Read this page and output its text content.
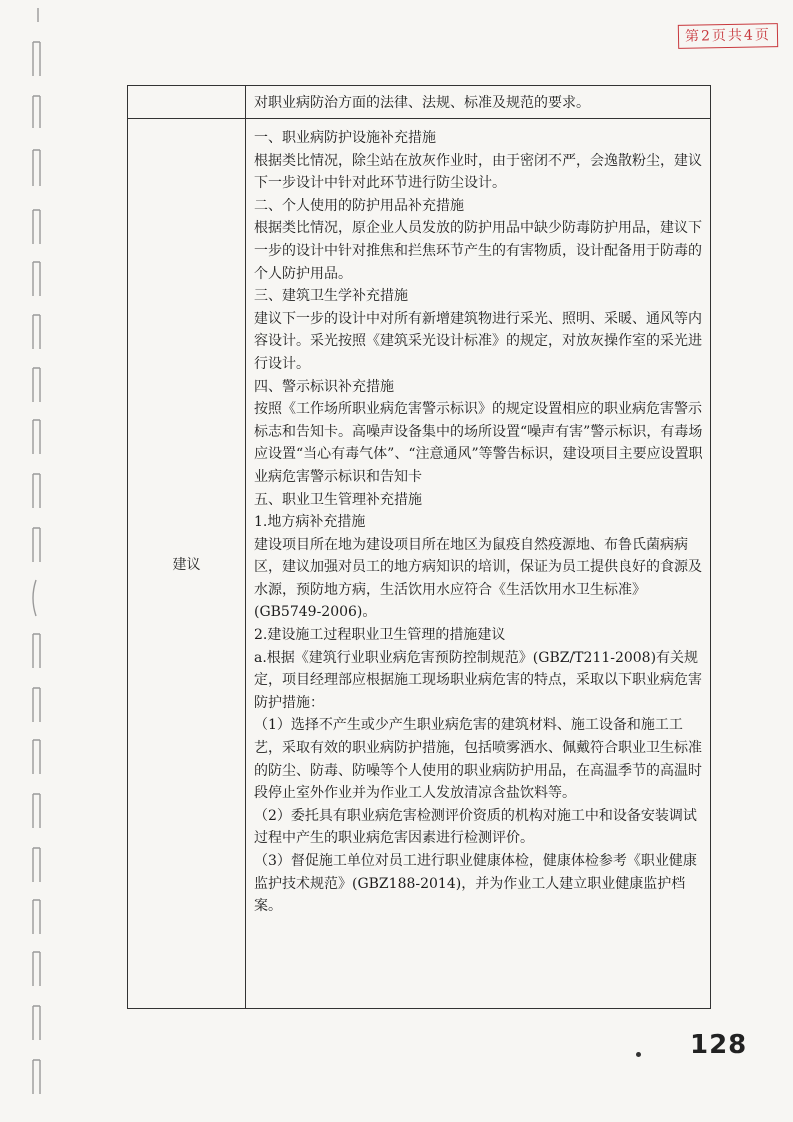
第2页共4页
对职业病防治方面的法律、法规、标准及规范的要求。
建议

一、职业病防护设施补充措施

根据类比情况，除尘站在放灰作业时，由于密闭不严，会逸散粉尘，建议下一步设计中针对此环节进行防尘设计。

二、个人使用的防护用品补充措施

根据类比情况，原企业人员发放的防护用品中缺少防毒防护用品，建议下一步的设计中针对推焦和拦焦环节产生的有害物质，设计配备用于防毒的个人防护用品。

三、建筑卫生学补充措施

建议下一步的设计中对所有新增建筑物进行采光、照明、采暖、通风等内容设计。采光按照《建筑采光设计标准》的规定，对放灰操作室的采光进行设计。

四、警示标识补充措施

按照《工作场所职业病危害警示标识》的规定设置相应的职业病危害警示标志和告知卡。高噪声设备集中的场所设置“噪声有害”警示标识，有毒场应设置“当心有毒气体”、“注意通风”等警告标识，建设项目主要应设置职业病危害警示标识和告知卡

五、职业卫生管理补充措施

1.地方病补充措施

建设项目所在地为建设项目所在地区为鼠疫自然疫源地、布鲁氏菌病病区，建议加强对员工的地方病知识的培训，保证为员工提供良好的食源及水源，预防地方病，生活饮用水应符合《生活饮用水卫生标准》(GB5749-2006)。

2.建设施工过程职业卫生管理的措施建议

a.根据《建筑行业职业病危害预防控制规范》(GBZ/T211-2008)有关规定，项目经理部应根据施工现场职业病危害的特点，采取以下职业病危害防护措施：

（1）选择不产生或少产生职业病危害的建筑材料、施工设备和施工工艺，采取有效的职业病防护措施，包括喷雾洒水、佩戴符合职业卫生标准的防尘、防毒、防噪等个人使用的职业病防护用品，在高温季节的高温时段停止室外作业并为作业工人发放清凉含盐饮料等。

（2）委托具有职业病危害检测评价资质的机构对施工中和设备安装调试过程中产生的职业病危害因素进行检测评价。

（3）督促施工单位对员工进行职业健康体检，健康体检参考《职业健康监护技术规范》(GBZ188-2014)，并为作业工人建立职业健康监护档案。

128
